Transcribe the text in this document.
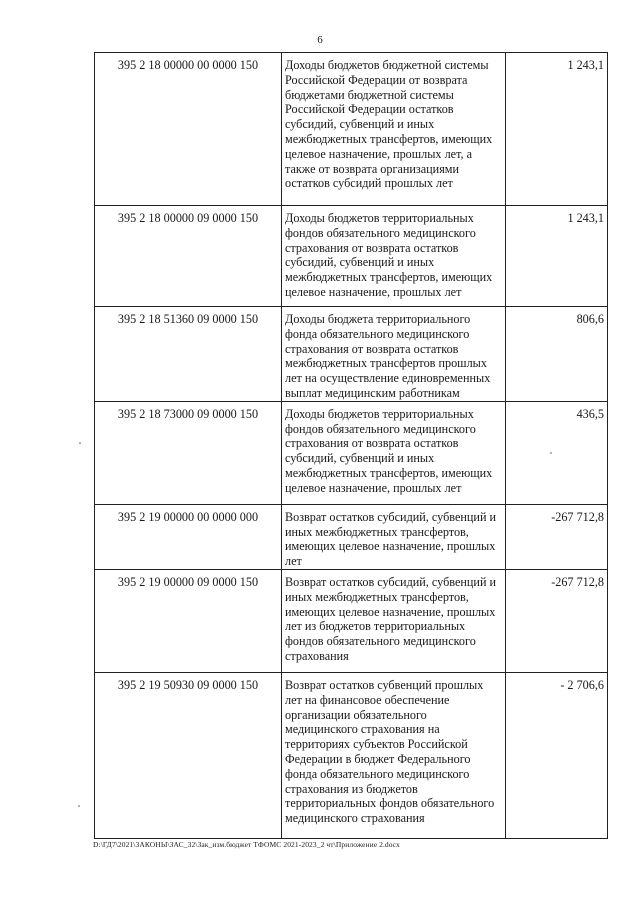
6
395 2 18 00000 00 0000 150	Доходы бюджетов бюджетной системы Российской Федерации от возврата бюджетами бюджетной системы Российской Федерации остатков субсидий, субвенций и иных межбюджетных трансфертов, имеющих целевое назначение, прошлых лет, а также от возврата организациями остатков субсидий прошлых лет	1 243,1
395 2 18 00000 09 0000 150	Доходы бюджетов территориальных фондов обязательного медицинского страхования от возврата остатков субсидий, субвенций и иных межбюджетных трансфертов, имеющих целевое назначение, прошлых лет	1 243,1
395 2 18 51360 09 0000 150	Доходы бюджета территориального фонда обязательного медицинского страхования от возврата остатков межбюджетных трансфертов прошлых лет на осуществление единовременных выплат медицинским работникам	806,6
395 2 18 73000 09 0000 150	Доходы бюджетов территориальных фондов обязательного медицинского страхования от возврата остатков субсидий, субвенций и иных межбюджетных трансфертов, имеющих целевое назначение, прошлых лет	436,5
395 2 19 00000 00 0000 000	Возврат остатков субсидий, субвенций и иных межбюджетных трансфертов, имеющих целевое назначение, прошлых лет	-267 712,8
395 2 19 00000 09 0000 150	Возврат остатков субсидий, субвенций и иных межбюджетных трансфертов, имеющих целевое назначение, прошлых лет из бюджетов территориальных фондов обязательного медицинского страхования	-267 712,8
395 2 19 50930 09 0000 150	Возврат остатков субвенций прошлых лет на финансовое обеспечение организации обязательного медицинского страхования на территориях субъектов Российской Федерации в бюджет Федерального фонда обязательного медицинского страхования из бюджетов территориальных фондов обязательного медицинского страхования	- 2 706,6
D:\ГД7\2021\ЗАКОНЫ\ЗАС_32\Зак_изм.бюджет ТФОМС 2021-2023_2 чт\Приложение 2.docx
